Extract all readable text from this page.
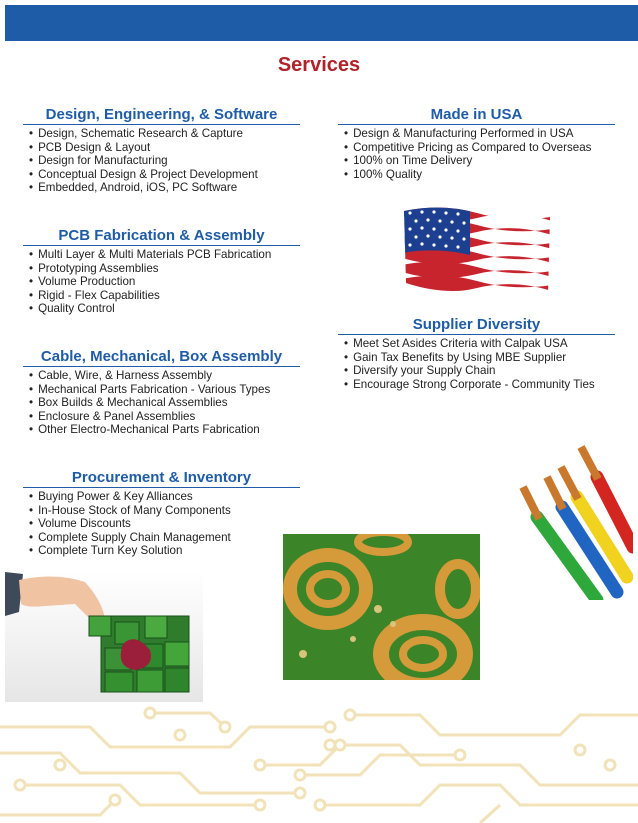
Services
Design, Engineering, & Software
• Design, Schematic Research & Capture
• PCB Design & Layout
• Design for Manufacturing
• Conceptual Design & Project Development
• Embedded, Android, iOS, PC Software
PCB Fabrication & Assembly
• Multi Layer & Multi Materials PCB Fabrication
• Prototyping Assemblies
• Volume Production
• Rigid - Flex Capabilities
• Quality Control
Cable, Mechanical, Box Assembly
• Cable, Wire, & Harness Assembly
• Mechanical Parts Fabrication - Various Types
• Box Builds & Mechanical Assemblies
• Enclosure & Panel Assemblies
• Other Electro-Mechanical Parts Fabrication
Procurement & Inventory
• Buying Power & Key Alliances
• In-House Stock of Many Components
• Volume Discounts
• Complete Supply Chain Management
• Complete Turn Key Solution
Made in USA
• Design & Manufacturing Performed in USA
• Competitive Pricing as Compared to Overseas
• 100% on Time Delivery
• 100% Quality
Supplier Diversity
• Meet Set Asides Criteria with Calpak USA
• Gain Tax Benefits by Using MBE Supplier
• Diversify your Supply Chain
• Encourage Strong Corporate - Community Ties
